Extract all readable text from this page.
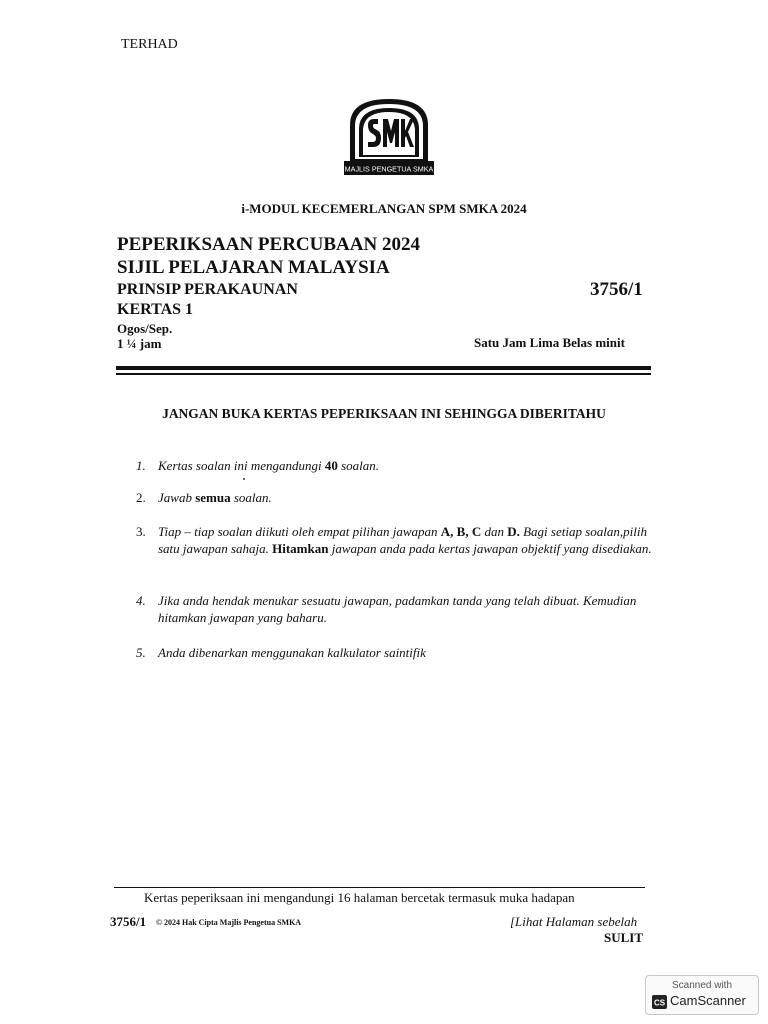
TERHAD
MAJLIS PENGETUA SMKA
i-MODUL KECEMERLANGAN SPM SMKA 2024
PEPERIKSAAN PERCUBAAN 2024
SIJIL PELAJARAN MALAYSIA
PRINSIP PERAKAUNAN	3756/1
KERTAS 1
Ogos/Sep.
1 ¼ jam	Satu Jam Lima Belas minit
JANGAN BUKA KERTAS PEPERIKSAAN INI SEHINGGA DIBERITAHU
1. Kertas soalan ini mengandungi 40 soalan.
2. Jawab semua soalan.
3. Tiap – tiap soalan diikuti oleh empat pilihan jawapan A, B, C dan D. Bagi setiap soalan,pilih satu jawapan sahaja. Hitamkan jawapan anda pada kertas jawapan objektif yang disediakan.
4. Jika anda hendak menukar sesuatu jawapan, padamkan tanda yang telah dibuat. Kemudian hitamkan jawapan yang baharu.
5. Anda dibenarkan menggunakan kalkulator saintifik
Kertas peperiksaan ini mengandungi 16 halaman bercetak termasuk muka hadapan
3756/1 © 2024 Hak Cipta Majlis Pengetua SMKA	[Lihat Halaman sebelah
SULIT
Scanned with
CS CamScanner
